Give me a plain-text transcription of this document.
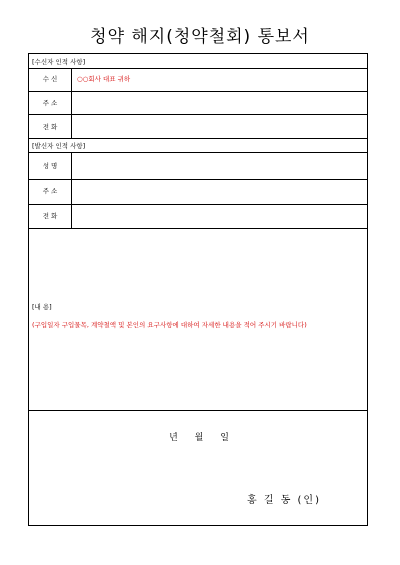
청약 해지(청약철회) 통보서
[수신자 인적 사항]
수 신	○○회사 대표 귀하
주 소
전 화
[발신자 인적 사항]
성 명
주 소
전 화
[내 용]
(구입일자 구입물목, 계약철액 및 본인의 요구사항에 대하여 자세한 내용을 적어 주시기 바랍니다)
년 월 일
홍 길 동 (인)
